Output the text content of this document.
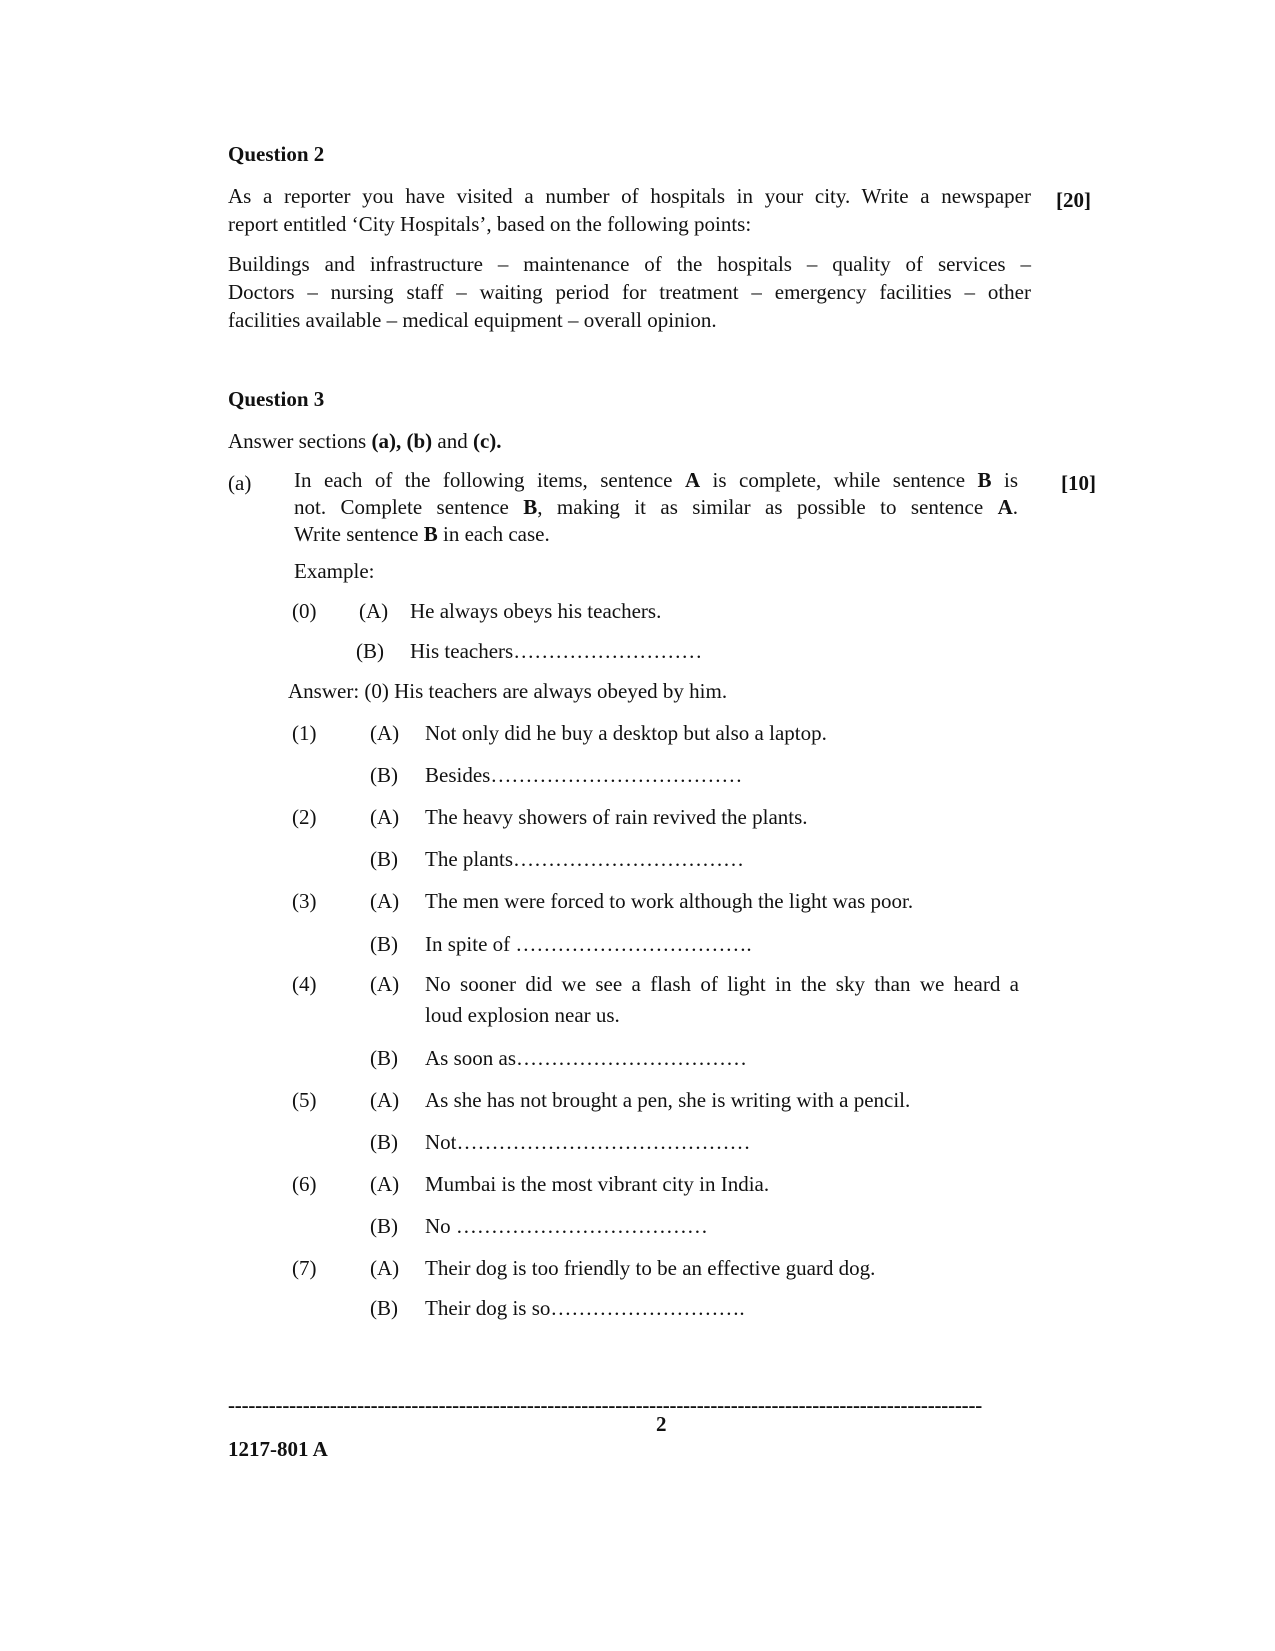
Question 2
As a reporter you have visited a number of hospitals in your city. Write a newspaper
report entitled ‘City Hospitals’, based on the following points:
[20]
Buildings and infrastructure – maintenance of the hospitals – quality of services –
Doctors – nursing staff – waiting period for treatment – emergency facilities – other
facilities available – medical equipment – overall opinion.
Question 3
Answer sections (a), (b) and (c).
(a)	[10]
In each of the following items, sentence A is complete, while sentence B is
not. Complete sentence B, making it as similar as possible to sentence A.
Write sentence B in each case.
Example:
(0) (A) He always obeys his teachers.
(B) His teachers………………………
Answer: (0) His teachers are always obeyed by him.
(1)	(A) Not only did he buy a desktop but also a laptop.
(B) Besides………………………………
(2)	(A) The heavy showers of rain revived the plants.
(B) The plants……………………………
(3)	(A) The men were forced to work although the light was poor.
(B) In spite of …………………………….
(4)	(A) No sooner did we see a flash of light in the sky than we heard a
loud explosion near us.
(B) As soon as……………………………
(5)	(A) As she has not brought a pen, she is writing with a pencil.
(B) Not……………………………………
(6)	(A) Mumbai is the most vibrant city in India.
(B) No ………………………………
(7)	(A) Their dog is too friendly to be an effective guard dog.
(B) Their dog is so……………………….
---------------------------------------------------------------------------------------------------------------
2
1217-801 A
